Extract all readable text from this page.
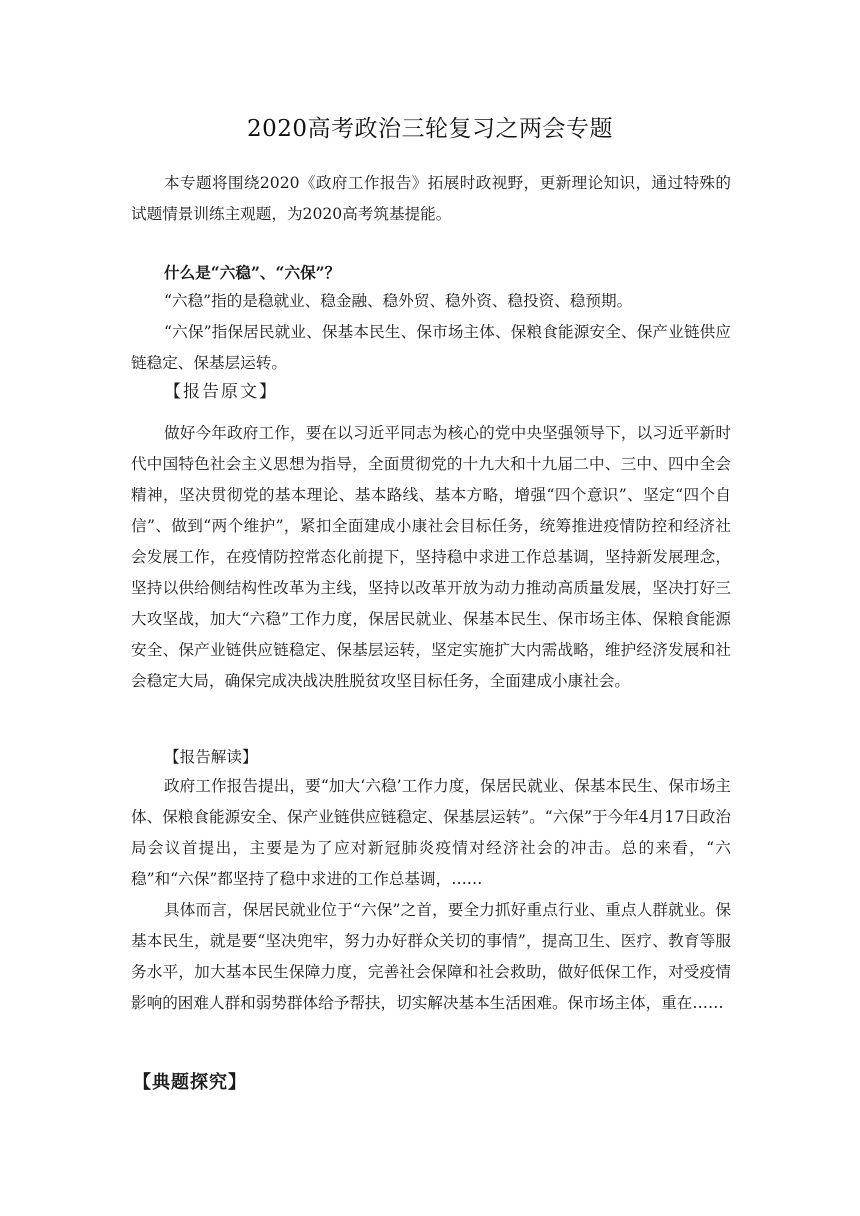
2020高考政治三轮复习之两会专题

本专题将围绕2020《政府工作报告》拓展时政视野，更新理论知识，通过特殊的试题情景训练主观题，为2020高考筑基提能。

什么是“六稳”、“六保”？

“六稳”指的是稳就业、稳金融、稳外贸、稳外资、稳投资、稳预期。

“六保”指保居民就业、保基本民生、保市场主体、保粮食能源安全、保产业链供应链稳定、保基层运转。

【报告原文】

做好今年政府工作，要在以习近平同志为核心的党中央坚强领导下，以习近平新时代中国特色社会主义思想为指导，全面贯彻党的十九大和十九届二中、三中、四中全会精神，坚决贯彻党的基本理论、基本路线、基本方略，增强“四个意识”、坚定“四个自信”、做到“两个维护”，紧扣全面建成小康社会目标任务，统筹推进疫情防控和经济社会发展工作，在疫情防控常态化前提下，坚持稳中求进工作总基调，坚持新发展理念，坚持以供给侧结构性改革为主线，坚持以改革开放为动力推动高质量发展，坚决打好三大攻坚战，加大“六稳”工作力度，保居民就业、保基本民生、保市场主体、保粮食能源安全、保产业链供应链稳定、保基层运转，坚定实施扩大内需战略，维护经济发展和社会稳定大局，确保完成决战决胜脱贫攻坚目标任务，全面建成小康社会。

【报告解读】

政府工作报告提出，要“加大‘六稳’工作力度，保居民就业、保基本民生、保市场主体、保粮食能源安全、保产业链供应链稳定、保基层运转”。“六保”于今年4月17日政治局会议首提出，主要是为了应对新冠肺炎疫情对经济社会的冲击。总的来看，“六稳”和“六保”都坚持了稳中求进的工作总基调，……

具体而言，保居民就业位于“六保”之首，要全力抓好重点行业、重点人群就业。保基本民生，就是要“坚决兜牢，努力办好群众关切的事情”，提高卫生、医疗、教育等服务水平，加大基本民生保障力度，完善社会保障和社会救助，做好低保工作，对受疫情影响的困难人群和弱势群体给予帮扶，切实解决基本生活困难。保市场主体，重在……

【典题探究】
